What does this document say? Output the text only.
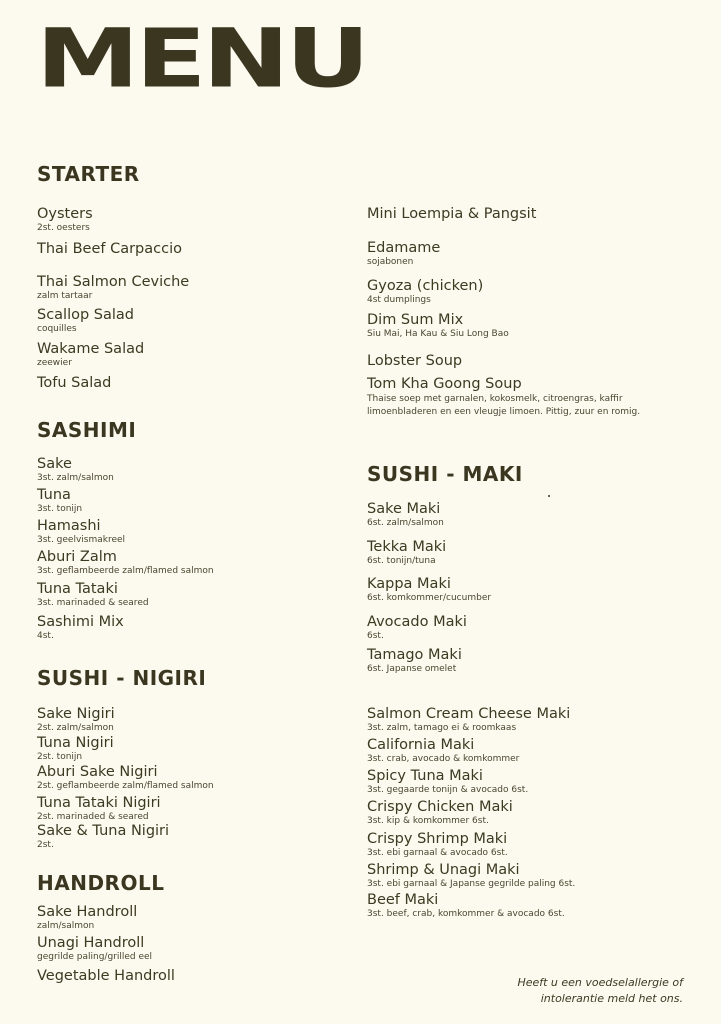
MENU
STARTER
Oysters
2st. oesters
Thai Beef Carpaccio
Thai Salmon Ceviche
zalm tartaar
Scallop Salad
coquilles
Wakame Salad
zeewier
Tofu Salad
SASHIMI
Sake
3st. zalm/salmon
Tuna
3st. tonijn
Hamashi
3st. geelvismakreel
Aburi Zalm
3st. geflambeerde zalm/flamed salmon
Tuna Tataki
3st. marinaded & seared
Sashimi Mix
4st.
SUSHI - NIGIRI
Sake Nigiri
2st. zalm/salmon
Tuna Nigiri
2st. tonijn
Aburi Sake Nigiri
2st. geflambeerde zalm/flamed salmon
Tuna Tataki Nigiri
2st. marinaded & seared
Sake & Tuna Nigiri
2st.
HANDROLL
Sake Handroll
zalm/salmon
Unagi Handroll
gegrilde paling/grilled eel
Vegetable Handroll
Mini Loempia & Pangsit
Edamame
sojabonen
Gyoza (chicken)
4st dumplings
Dim Sum Mix
Siu Mai, Ha Kau & Siu Long Bao
Lobster Soup
Tom Kha Goong Soup
Thaise soep met garnalen, kokosmelk, citroengras, kaffir limoenbladeren en een vleugje limoen. Pittig, zuur en romig.
SUSHI - MAKI
Sake Maki
6st. zalm/salmon
Tekka Maki
6st. tonijn/tuna
Kappa Maki
6st. komkommer/cucumber
Avocado Maki
6st.
Tamago Maki
6st. Japanse omelet
Salmon Cream Cheese Maki
3st. zalm, tamago ei & roomkaas
California Maki
3st. crab, avocado & komkommer
Spicy Tuna Maki
3st. gegaarde tonijn & avocado 6st.
Crispy Chicken Maki
3st. kip & komkommer 6st.
Crispy Shrimp Maki
3st. ebi garnaal & avocado 6st.
Shrimp & Unagi Maki
3st. ebi garnaal & Japanse gegrilde paling 6st.
Beef Maki
3st. beef, crab, komkommer & avocado 6st.
Heeft u een voedselallergie of
intolerantie meld het ons.
